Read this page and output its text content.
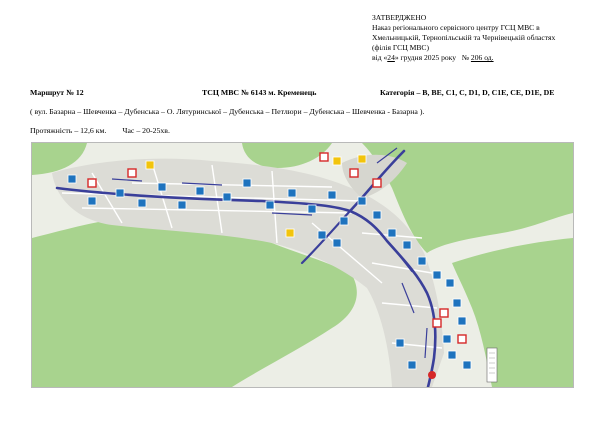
ЗАТВЕРДЖЕНО
Наказ регіонального сервісного центру ГСЦ МВС в
Хмельницькій, Тернопільській та Чернівецькій областях
(філія ГСЦ МВС)
від «24» грудня 2025 року № 206 од.
Маршрут № 12	ТСЦ МВС № 6143 м. Кременець	Категорія – B, BE, C1, C, D1, D, C1E, CE, D1E, DE
( вул. Базарна – Шевченка – Дубенська – О. Лятуринської – Дубенська – Петлюри – Дубенська – Шевченка - Базарна ).
Протяжність – 12,6 км. Час – 20-25хв.
